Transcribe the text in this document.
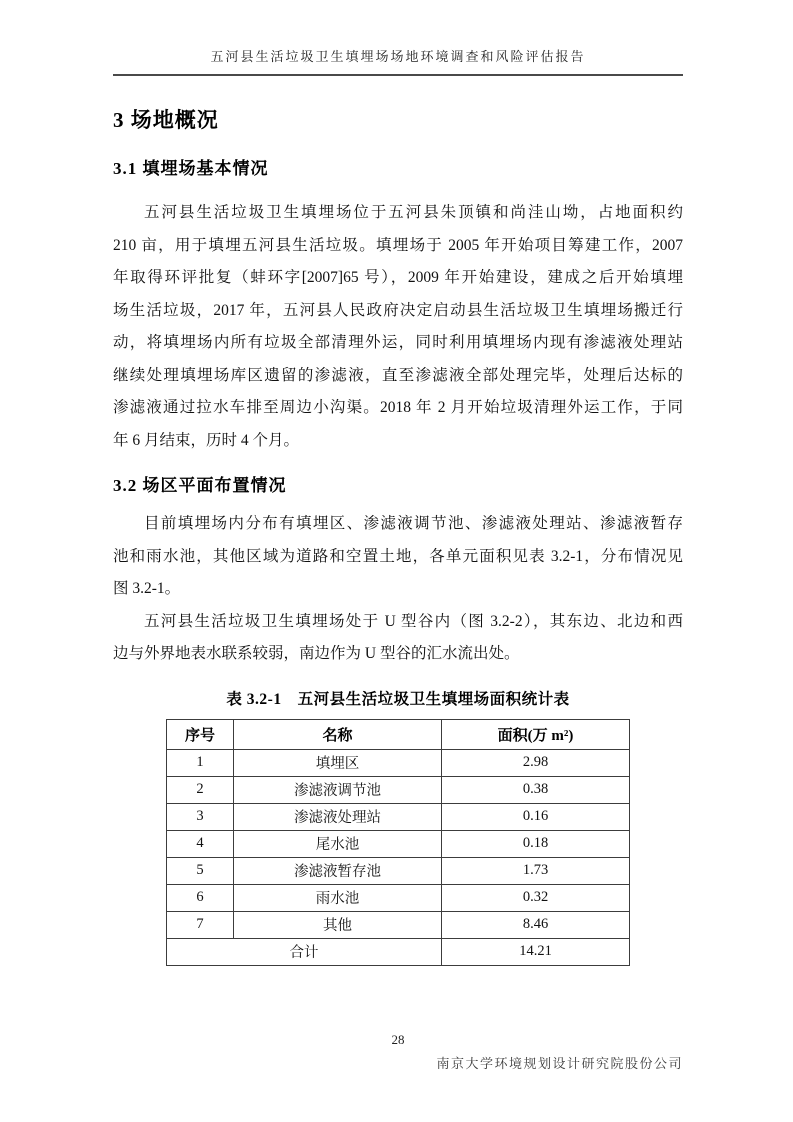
五河县生活垃圾卫生填埋场场地环境调查和风险评估报告
3 场地概况
3.1 填埋场基本情况
五河县生活垃圾卫生填埋场位于五河县朱顶镇和尚洼山坳，占地面积约
210 亩，用于填埋五河县生活垃圾。填埋场于 2005 年开始项目筹建工作，2007
年取得环评批复（蚌环字[2007]65 号），2009 年开始建设，建成之后开始填埋
场生活垃圾，2017 年，五河县人民政府决定启动县生活垃圾卫生填埋场搬迁行
动，将填埋场内所有垃圾全部清理外运，同时利用填埋场内现有渗滤液处理站
继续处理填埋场库区遗留的渗滤液，直至渗滤液全部处理完毕，处理后达标的
渗滤液通过拉水车排至周边小沟渠。2018 年 2 月开始垃圾清理外运工作，于同
年 6 月结束，历时 4 个月。
3.2 场区平面布置情况
目前填埋场内分布有填埋区、渗滤液调节池、渗滤液处理站、渗滤液暂存
池和雨水池，其他区域为道路和空置土地，各单元面积见表 3.2-1，分布情况见
图 3.2-1。
五河县生活垃圾卫生填埋场处于 U 型谷内（图 3.2-2），其东边、北边和西
边与外界地表水联系较弱，南边作为 U 型谷的汇水流出处。
表 3.2-1　五河县生活垃圾卫生填埋场面积统计表
序号	名称	面积(万 m²)
1	填埋区	2.98
2	渗滤液调节池	0.38
3	渗滤液处理站	0.16
4	尾水池	0.18
5	渗滤液暂存池	1.73
6	雨水池	0.32
7	其他	8.46
合计		14.21
28
南京大学环境规划设计研究院股份公司
